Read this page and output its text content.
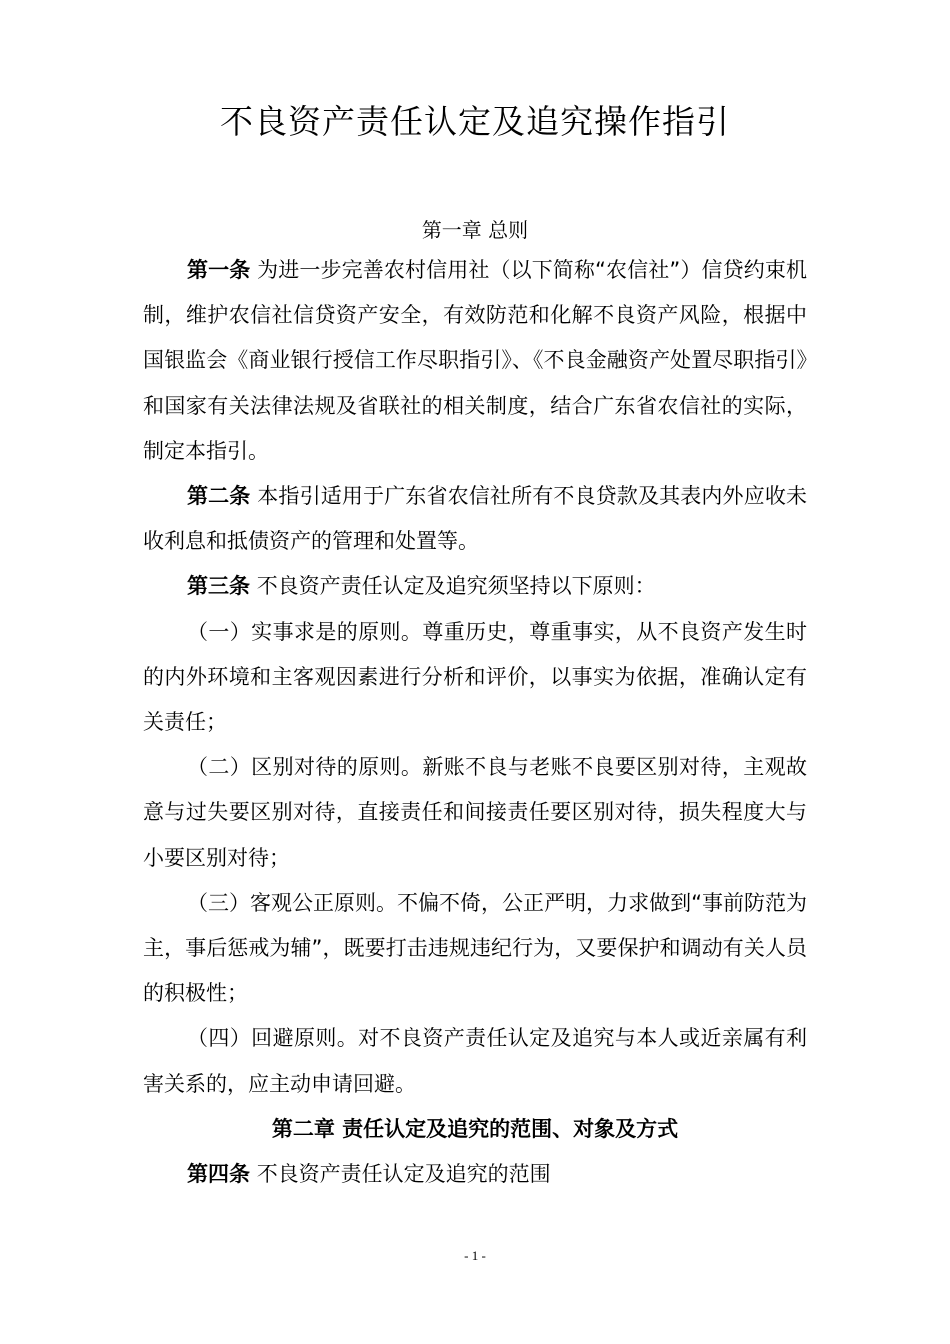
不良资产责任认定及追究操作指引
第一章 总则

第一条 为进一步完善农村信用社（以下简称“农信社”）信贷约束机制，维护农信社信贷资产安全，有效防范和化解不良资产风险，根据中国银监会《商业银行授信工作尽职指引》、《不良金融资产处置尽职指引》和国家有关法律法规及省联社的相关制度，结合广东省农信社的实际，制定本指引。

第二条 本指引适用于广东省农信社所有不良贷款及其表内外应收未收利息和抵债资产的管理和处置等。

第三条 不良资产责任认定及追究须坚持以下原则：

（一）实事求是的原则。尊重历史，尊重事实，从不良资产发生时的内外环境和主客观因素进行分析和评价，以事实为依据，准确认定有关责任；

（二）区别对待的原则。新账不良与老账不良要区别对待，主观故意与过失要区别对待，直接责任和间接责任要区别对待，损失程度大与小要区别对待；

（三）客观公正原则。不偏不倚，公正严明，力求做到“事前防范为主，事后惩戒为辅”，既要打击违规违纪行为，又要保护和调动有关人员的积极性；

（四）回避原则。对不良资产责任认定及追究与本人或近亲属有利害关系的，应主动申请回避。

第二章 责任认定及追究的范围、对象及方式

第四条 不良资产责任认定及追究的范围

- 1 -
